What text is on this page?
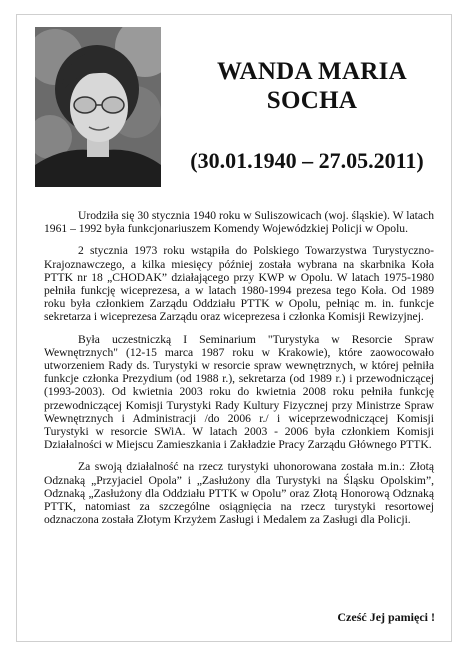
WANDA MARIA
SOCHA
(30.01.1940 – 27.05.2011)

Urodziła się 30 stycznia 1940 roku w Suliszowicach (woj. śląskie). W latach 1961 – 1992 była funkcjonariuszem Komendy Wojewódzkiej Policji w Opolu.

2 stycznia 1973 roku wstąpiła do Polskiego Towarzystwa Turystyczno-Krajoznawczego, a kilka miesięcy później została wybrana na skarbnika Koła PTTK nr 18 „CHODAK” działającego przy KWP w Opolu. W latach 1975-1980 pełniła funkcję wiceprezesa, a w latach 1980-1994 prezesa tego Koła. Od 1989 roku była członkiem Zarządu Oddziału PTTK w Opolu, pełniąc m. in. funkcje sekretarza i wiceprezesa Zarządu oraz wiceprezesa i członka Komisji Rewizyjnej.

Była uczestniczką I Seminarium "Turystyka w Resorcie Spraw Wewnętrznych" (12-15 marca 1987 roku w Krakowie), które zaowocowało utworzeniem Rady ds. Turystyki w resorcie spraw wewnętrznych, w której pełniła funkcje członka Prezydium (od 1988 r.), sekretarza (od 1989 r.) i przewodniczącej (1993-2003). Od kwietnia 2003 roku do kwietnia 2008 roku pełniła funkcję przewodniczącej Komisji Turystyki Rady Kultury Fizycznej przy Ministrze Spraw Wewnętrznych i Administracji /do 2006 r./ i wiceprzewodniczącej Komisji Turystyki w resorcie SWiA. W latach 2003 - 2006 była członkiem Komisji Działalności w Miejscu Zamieszkania i Zakładzie Pracy Zarządu Głównego PTTK.

Za swoją działalność na rzecz turystyki uhonorowana została m.in.: Złotą Odznaką „Przyjaciel Opola” i „Zasłużony dla Turystyki na Śląsku Opolskim”, Odznaką „Zasłużony dla Oddziału PTTK w Opolu” oraz Złotą Honorową Odznaką PTTK, natomiast za szczególne osiągnięcia na rzecz turystyki resortowej odznaczona została Złotym Krzyżem Zasługi i Medalem za Zasługi dla Policji.

Cześć Jej pamięci !
